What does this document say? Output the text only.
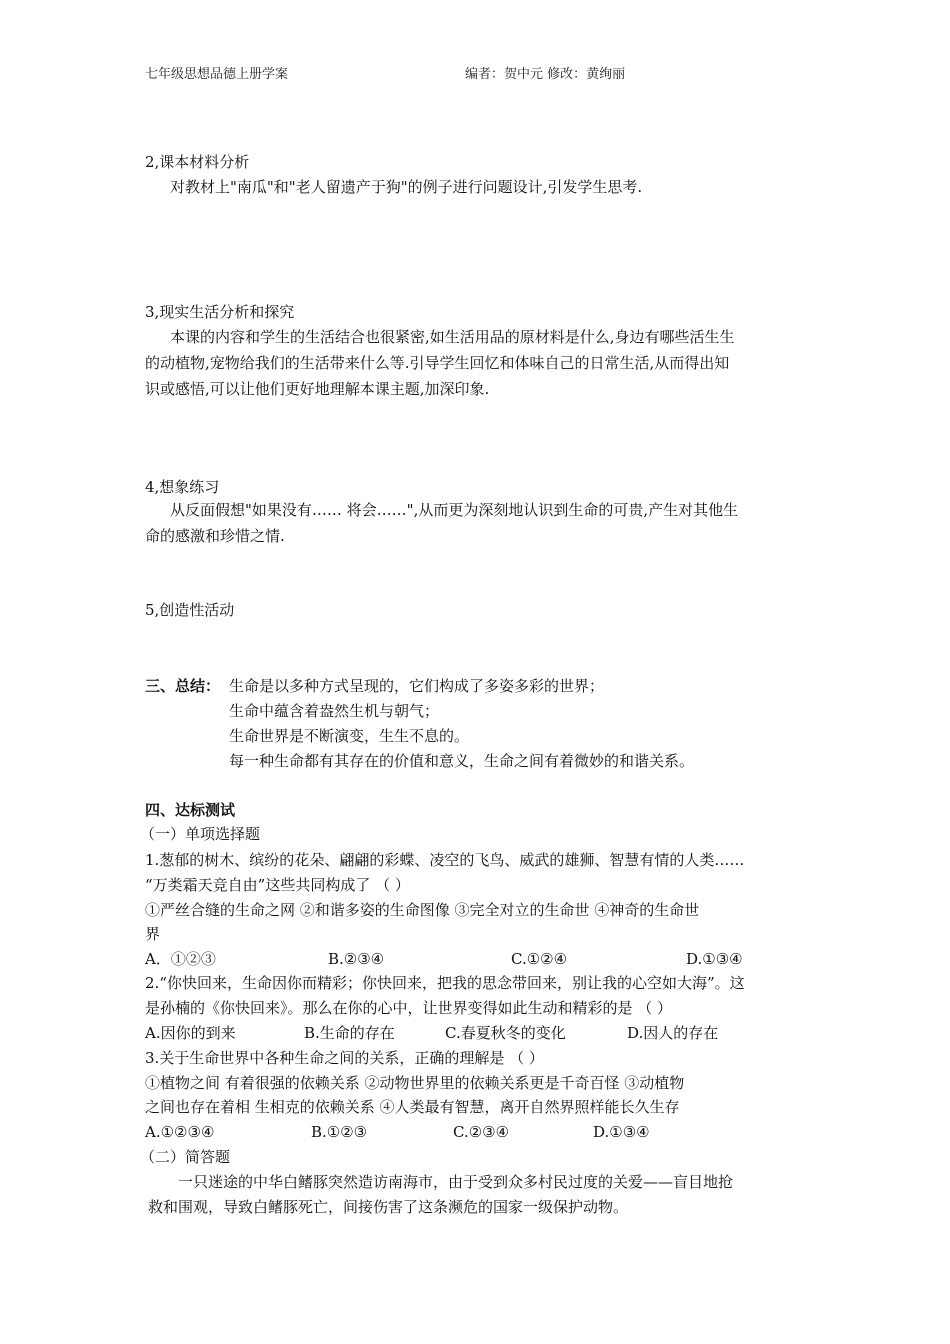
七年级思想品德上册学案	编者：贺中元 修改：黄绚丽
2,课本材料分析
对教材上"南瓜"和"老人留遗产于狗"的例子进行问题设计,引发学生思考.
3,现实生活分析和探究
本课的内容和学生的生活结合也很紧密,如生活用品的原材料是什么,身边有哪些活生生
的动植物,宠物给我们的生活带来什么等.引导学生回忆和体味自己的日常生活,从而得出知
识或感悟,可以让他们更好地理解本课主题,加深印象.
4,想象练习
从反面假想"如果没有…… 将会……",从而更为深刻地认识到生命的可贵,产生对其他生
命的感激和珍惜之情.
5,创造性活动
三、总结： 生命是以多种方式呈现的，它们构成了多姿多彩的世界；
生命中蕴含着盎然生机与朝气；
生命世界是不断演变，生生不息的。
每一种生命都有其存在的价值和意义，生命之间有着微妙的和谐关系。
四、达标测试
（一）单项选择题
1.葱郁的树木、缤纷的花朵、翩翩的彩蝶、凌空的飞鸟、威武的雄狮、智慧有情的人类……
“万类霜天竞自由”这些共同构成了 （ ）
①严丝合缝的生命之网 ②和谐多姿的生命图像 ③完全对立的生命世 ④神奇的生命世
界
A．①②③	B.②③④	C.①②④	D.①③④
2.“你快回来，生命因你而精彩；你快回来，把我的思念带回来，别让我的心空如大海”。这
是孙楠的《你快回来》。那么在你的心中，让世界变得如此生动和精彩的是 （ ）
A.因你的到来	B.生命的存在	C.春夏秋冬的变化	D.因人的存在
3.关于生命世界中各种生命之间的关系，正确的理解是 （ ）
①植物之间 有着很强的依赖关系 ②动物世界里的依赖关系更是千奇百怪 ③动植物
之间也存在着相 生相克的依赖关系 ④人类最有智慧，离开自然界照样能长久生存
A.①②③④	B.①②③	C.②③④	D.①③④
（二）简答题
一只迷途的中华白鳍豚突然造访南海市，由于受到众多村民过度的关爱——盲目地抢
救和围观，导致白鳍豚死亡，间接伤害了这条濒危的国家一级保护动物。
